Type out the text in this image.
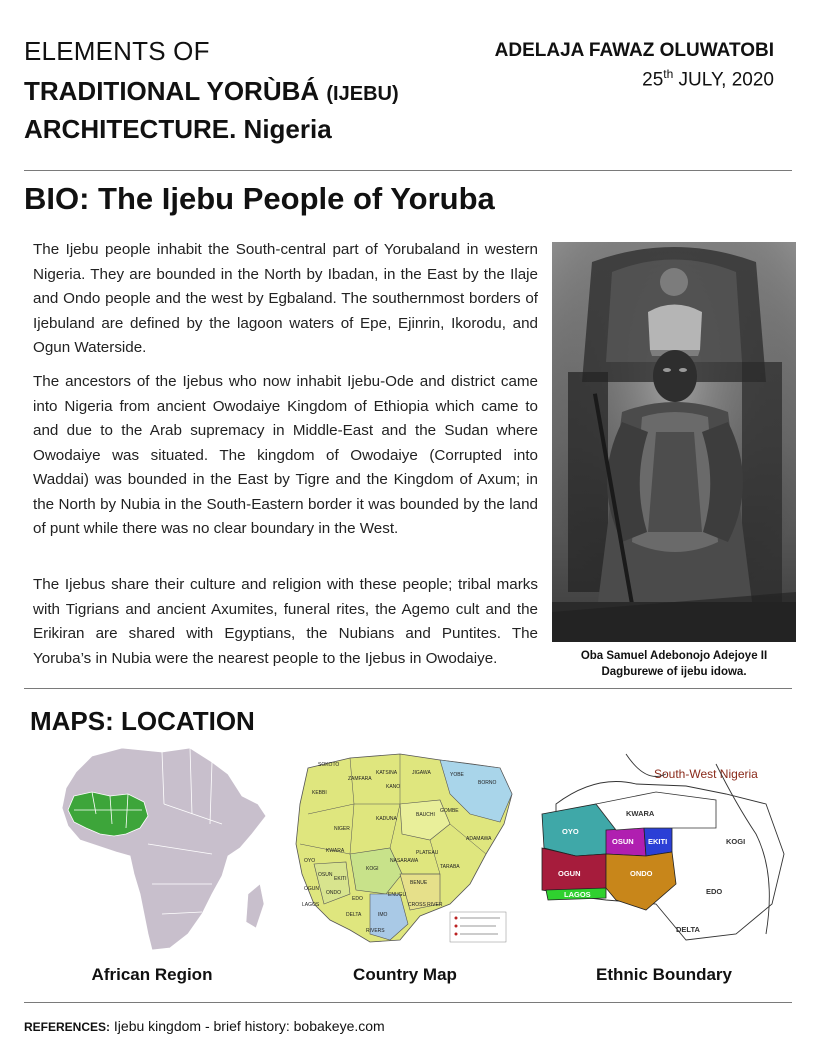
ELEMENTS OF
TRADITIONAL YORÙBÁ (IJEBU)
ARCHITECTURE. Nigeria
ADELAJA FAWAZ OLUWATOBI
25th JULY, 2020
BIO: The Ijebu People of Yoruba
The Ijebu people inhabit the South-central part of Yorubaland in western Nigeria. They are bounded in the North by Ibadan, in the East by the Ilaje and Ondo people and the west by Egbaland. The southernmost borders of Ijebuland are defined by the lagoon waters of Epe, Ejinrin, Ikorodu, and Ogun Waterside.
The ancestors of the Ijebus who now inhabit Ijebu-Ode and district came into Nigeria from ancient Owodaiye Kingdom of Ethiopia which came to and due to the Arab supremacy in Middle-East and the Sudan where Owodaiye was situated. The kingdom of Owodaiye (Corrupted into Waddai) was bounded in the East by Tigre and the Kingdom of Axum; in the North by Nubia in the South-Eastern border it was bounded by the land of punt while there was no clear boundary in the West.
The Ijebus share their culture and religion with these people; tribal marks with Tigrians and ancient Axumites, funeral rites, the Agemo cult and the Erikiran are shared with Egyptians, the Nubians and Puntites. The Yoruba’s in Nubia were the nearest people to the Ijebus in Owodaiye.	Oba Samuel Adebonojo Adejoye II
Dagburewe of ijebu idowa.
MAPS: LOCATION
African Region
SOKOTO
ZAMFARA
KATSINA
KANO
JIGAWA	YOBE
BORNO
KEBBI
KADUNA
BAUCHI
GOMBE
ADAMAWA
NIGER
PLATEAU
TARABA
KWARA
NASARAWA
OYO
KOGI
BENUE
OSUN
EKITI
EDO
OGUN
ONDO	ENUGU
CROSS RIVER
LAGOS
DELTA	IMO
RIVERS
Country Map
South-West Nigeria
OYO
OSUN EKITI
OGUN	ONDO
LAGOS
KWARA
KOGI
EDO
DELTA
Ethnic Boundary
REFERENCES: Ijebu kingdom - brief history: bobakeye.com
